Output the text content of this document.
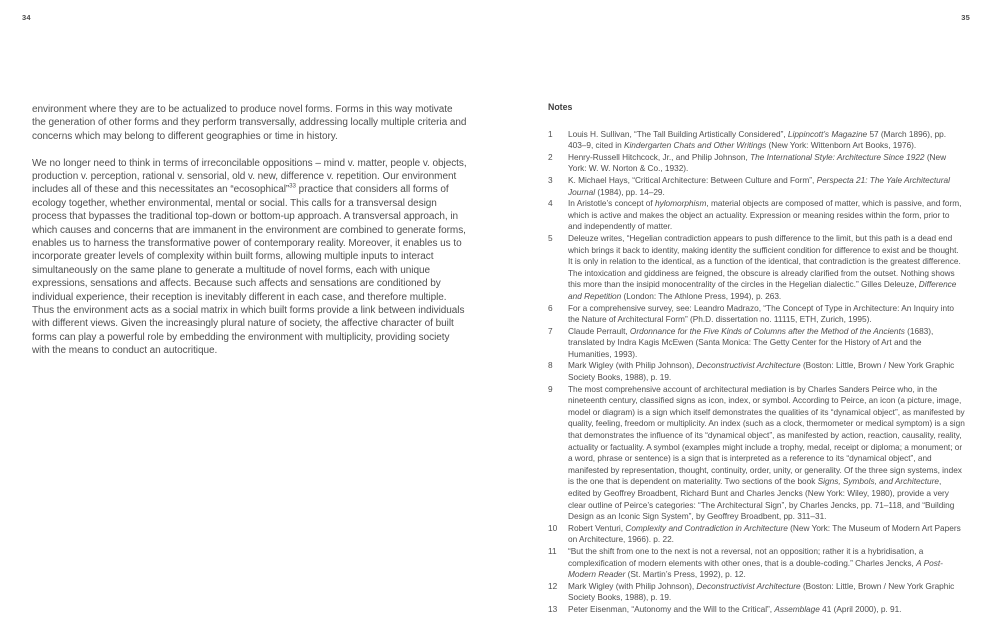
34	35
environment where they are to be actualized to produce novel forms. Forms in this way motivate the generation of other forms and they perform transversally, addressing locally multiple criteria and concerns which may belong to different geographies or time in history.
We no longer need to think in terms of irreconcilable oppositions – mind v. matter, people v. objects, production v. perception, rational v. sensorial, old v. new, difference v. repetition. Our environment includes all of these and this necessitates an “ecosophical”$^{33}$ practice that considers all forms of ecology together, whether environmental, mental or social. This calls for a transversal design process that bypasses the traditional top-down or bottom-up approach. A transversal approach, in which causes and concerns that are immanent in the environment are combined to generate forms, enables us to harness the transformative power of contemporary reality. Moreover, it enables us to incorporate greater levels of complexity within built forms, allowing multiple inputs to interact simultaneously on the same plane to generate a multitude of novel forms, each with unique expressions, sensations and affects. Because such affects and sensations are conditioned by individual experience, their reception is inevitably different in each case, and therefore multiple. Thus the environment acts as a social matrix in which built forms provide a link between individuals with different views. Given the increasingly plural nature of society, the affective character of built forms can play a powerful role by embedding the environment with multiplicity, providing society with the means to conduct an autocritique.
Notes
1	Louis H. Sullivan, “The Tall Building Artistically Considered”, Lippincott’s Magazine 57 (March 1896), pp. 403–9, cited in Kindergarten Chats and Other Writings (New York: Wittenborn Art Books, 1976).
2	Henry-Russell Hitchcock, Jr., and Philip Johnson, The International Style: Architecture Since 1922 (New York: W. W. Norton & Co., 1932).
3	K. Michael Hays, “Critical Architecture: Between Culture and Form”, Perspecta 21: The Yale Architectural Journal (1984), pp. 14–29.
4	In Aristotle’s concept of hylomorphism, material objects are composed of matter, which is passive, and form, which is active and makes the object an actuality. Expression or meaning resides within the form, prior to and independently of matter.
5	Deleuze writes, “Hegelian contradiction appears to push difference to the limit, but this path is a dead end which brings it back to identity, making identity the sufficient condition for difference to exist and be thought. It is only in relation to the identical, as a function of the identical, that contradiction is the greatest difference. The intoxication and giddiness are feigned, the obscure is already clarified from the outset. Nothing shows this more than the insipid monocentrality of the circles in the Hegelian dialectic.” Gilles Deleuze, Difference and Repetition (London: The Athlone Press, 1994), p. 263.
6	For a comprehensive survey, see: Leandro Madrazo, “The Concept of Type in Architecture: An Inquiry into the Nature of Architectural Form” (Ph.D. dissertation no. 11115, ETH, Zurich, 1995).
7	Claude Perrault, Ordonnance for the Five Kinds of Columns after the Method of the Ancients (1683), translated by Indra Kagis McEwen (Santa Monica: The Getty Center for the History of Art and the Humanities, 1993).
8	Mark Wigley (with Philip Johnson), Deconstructivist Architecture (Boston: Little, Brown / New York Graphic Society Books, 1988), p. 19.
9	The most comprehensive account of architectural mediation is by Charles Sanders Peirce who, in the nineteenth century, classified signs as icon, index, or symbol. According to Peirce, an icon (a picture, image, model or diagram) is a sign which itself demonstrates the qualities of its “dynamical object”, as manifested by quality, feeling, freedom or multiplicity. An index (such as a clock, thermometer or medical symptom) is a sign that demonstrates the influence of its “dynamical object”, as manifested by action, reaction, causality, reality, actuality or factuality. A symbol (examples might include a trophy, medal, receipt or diploma; a monument; or a word, phrase or sentence) is a sign that is interpreted as a reference to its “dynamical object”, and manifested by representation, thought, continuity, order, unity, or generality. Of the three sign systems, index is the one that is dependent on materiality. Two sections of the book Signs, Symbols, and Architecture, edited by Geoffrey Broadbent, Richard Bunt and Charles Jencks (New York: Wiley, 1980), provide a very clear outline of Peirce’s categories: “The Architectural Sign”, by Charles Jencks, pp. 71–118, and “Building Design as an Iconic Sign System”, by Geoffrey Broadbent, pp. 311–31.
10	Robert Venturi, Complexity and Contradiction in Architecture (New York: The Museum of Modern Art Papers on Architecture, 1966). p. 22.
11	“But the shift from one to the next is not a reversal, not an opposition; rather it is a hybridisation, a complexification of modern elements with other ones, that is a double-coding.” Charles Jencks, A Post-Modern Reader (St. Martin’s Press, 1992), p. 12.
12	Mark Wigley (with Philip Johnson), Deconstructivist Architecture (Boston: Little, Brown / New York Graphic Society Books, 1988), p. 19.
13	Peter Eisenman, “Autonomy and the Will to the Critical”, Assemblage 41 (April 2000), p. 91.
